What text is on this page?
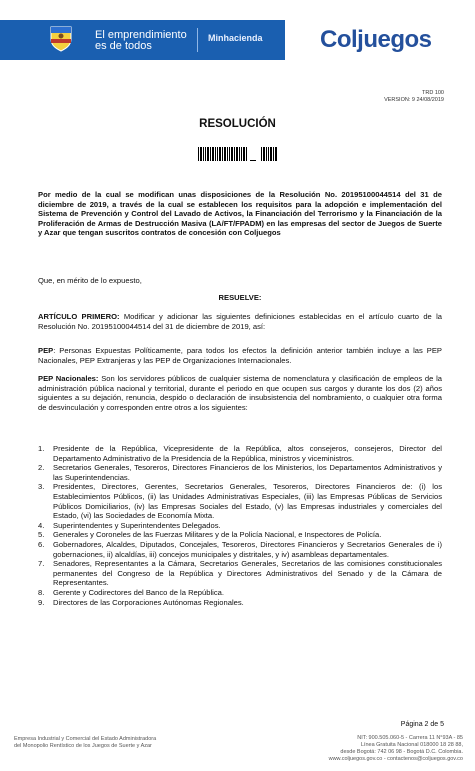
El emprendimiento
es de todos
Minhacienda Coljuegos
TRD 100
VERSION: 9 24/08/2019
RESOLUCIÓN
Por medio de la cual se modifican unas disposiciones de la Resolución No. 20195100044514 del 31 de diciembre de 2019, a través de la cual se establecen los requisitos para la adopción e implementación del Sistema de Prevención y Control del Lavado de Activos, la Financiación del Terrorismo y la Financiación de la Proliferación de Armas de Destrucción Masiva (LA/FT/FPADM) en las empresas del sector de Juegos de Suerte y Azar que tengan suscritos contratos de concesión con Coljuegos
Que, en mérito de lo expuesto,
RESUELVE:
ARTÍCULO PRIMERO: Modificar y adicionar las siguientes definiciones establecidas en el artículo cuarto de la Resolución No. 20195100044514 del 31 de diciembre de 2019, así:
PEP: Personas Expuestas Políticamente, para todos los efectos la definición anterior también incluye a las PEP Nacionales, PEP Extranjeras y las PEP de Organizaciones Internacionales.
PEP Nacionales: Son los servidores públicos de cualquier sistema de nomenclatura y clasificación de empleos de la administración pública nacional y territorial, durante el periodo en que ocupen sus cargos y durante los dos (2) años siguientes a su dejación, renuncia, despido o declaración de insubsistencia del nombramiento, o cualquier otra forma de desvinculación y corresponden entre otros a los siguientes:
1. Presidente de la República, Vicepresidente de la República, altos consejeros, consejeros, Director del Departamento Administrativo de la Presidencia de la República, ministros y viceministros.
2. Secretarios Generales, Tesoreros, Directores Financieros de los Ministerios, los Departamentos Administrativos y las Superintendencias.
3. Presidentes, Directores, Gerentes, Secretarios Generales, Tesoreros, Directores Financieros de: (i) los Establecimientos Públicos, (ii) las Unidades Administrativas Especiales, (iii) las Empresas Públicas de Servicios Públicos Domiciliarios, (iv) las Empresas Sociales del Estado, (v) las Empresas industriales y comerciales del Estado, (vi) las Sociedades de Economía Mixta.
4. Superintendentes y Superintendentes Delegados.
5. Generales y Coroneles de las Fuerzas Militares y de la Policía Nacional, e Inspectores de Policía.
6. Gobernadores, Alcaldes, Diputados, Concejales, Tesoreros, Directores Financieros y Secretarios Generales de i) gobernaciones, ii) alcaldías, iii) concejos municipales y distritales, y iv) asambleas departamentales.
7. Senadores, Representantes a la Cámara, Secretarios Generales, Secretarios de las comisiones constitucionales permanentes del Congreso de la República y Directores Administrativos del Senado y de la Cámara de Representantes.
8. Gerente y Codirectores del Banco de la República.
9. Directores de las Corporaciones Autónomas Regionales.
Página 2 de 5
Empresa Industrial y Comercial del Estado Administradora
del Monopolio Rentístico de los Juegos de Suerte y Azar
NIT: 900.505.060-5 - Carrera 11 N°93A - 85
Línea Gratuita Nacional 018000 18 28 88,
desde Bogotá: 742 06 98 - Bogotá D.C. Colombia.
www.coljuegos.gov.co - contactenos@coljuegos.gov.co
